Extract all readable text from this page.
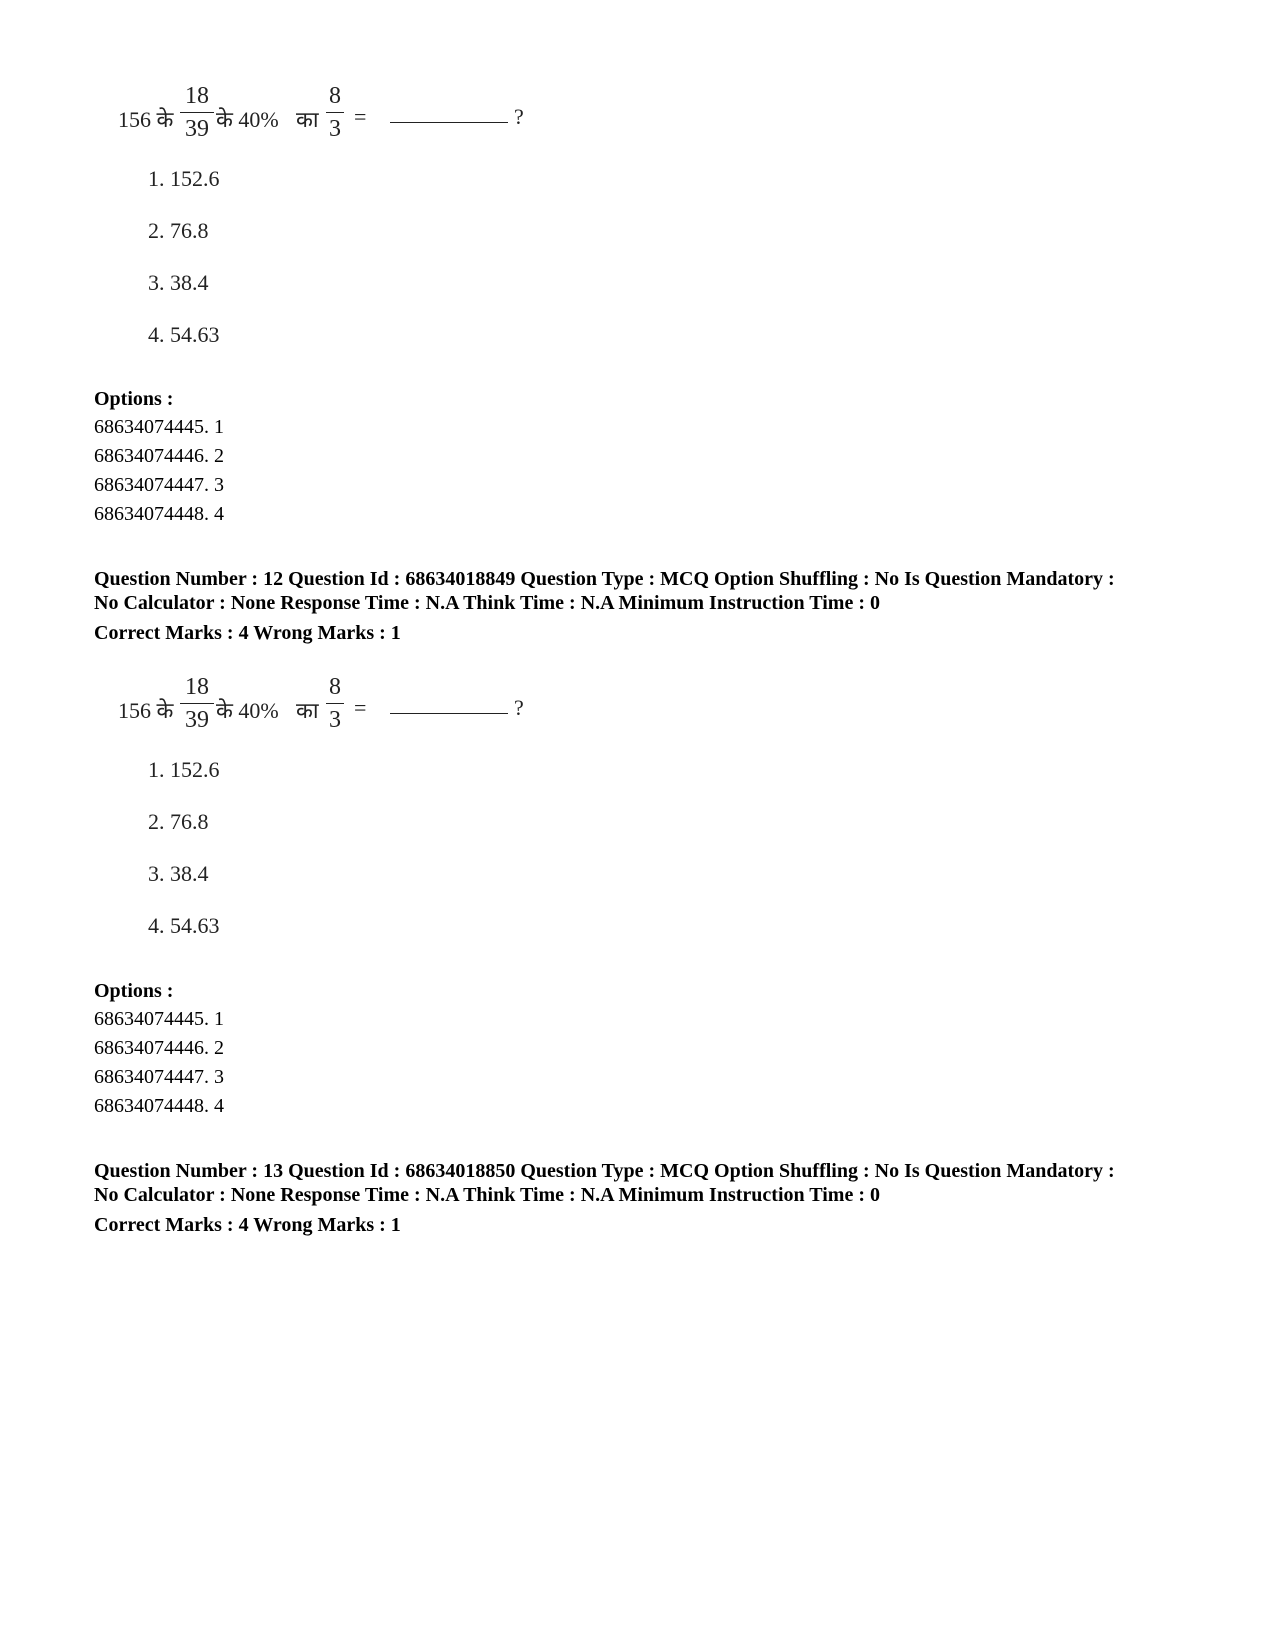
156 के
18
39 के 40% का
8
3 =	?
1. 152.6
2. 76.8
3. 38.4
4. 54.63
Options :
68634074445. 1
68634074446. 2
68634074447. 3
68634074448. 4
Question Number : 12 Question Id : 68634018849 Question Type : MCQ Option Shuffling : No Is Question Mandatory :
No Calculator : None Response Time : N.A Think Time : N.A Minimum Instruction Time : 0
Correct Marks : 4 Wrong Marks : 1
156 के
18
39 के 40% का
8
3 =	?
1. 152.6
2. 76.8
3. 38.4
4. 54.63
Options :
68634074445. 1
68634074446. 2
68634074447. 3
68634074448. 4
Question Number : 13 Question Id : 68634018850 Question Type : MCQ Option Shuffling : No Is Question Mandatory :
No Calculator : None Response Time : N.A Think Time : N.A Minimum Instruction Time : 0
Correct Marks : 4 Wrong Marks : 1
